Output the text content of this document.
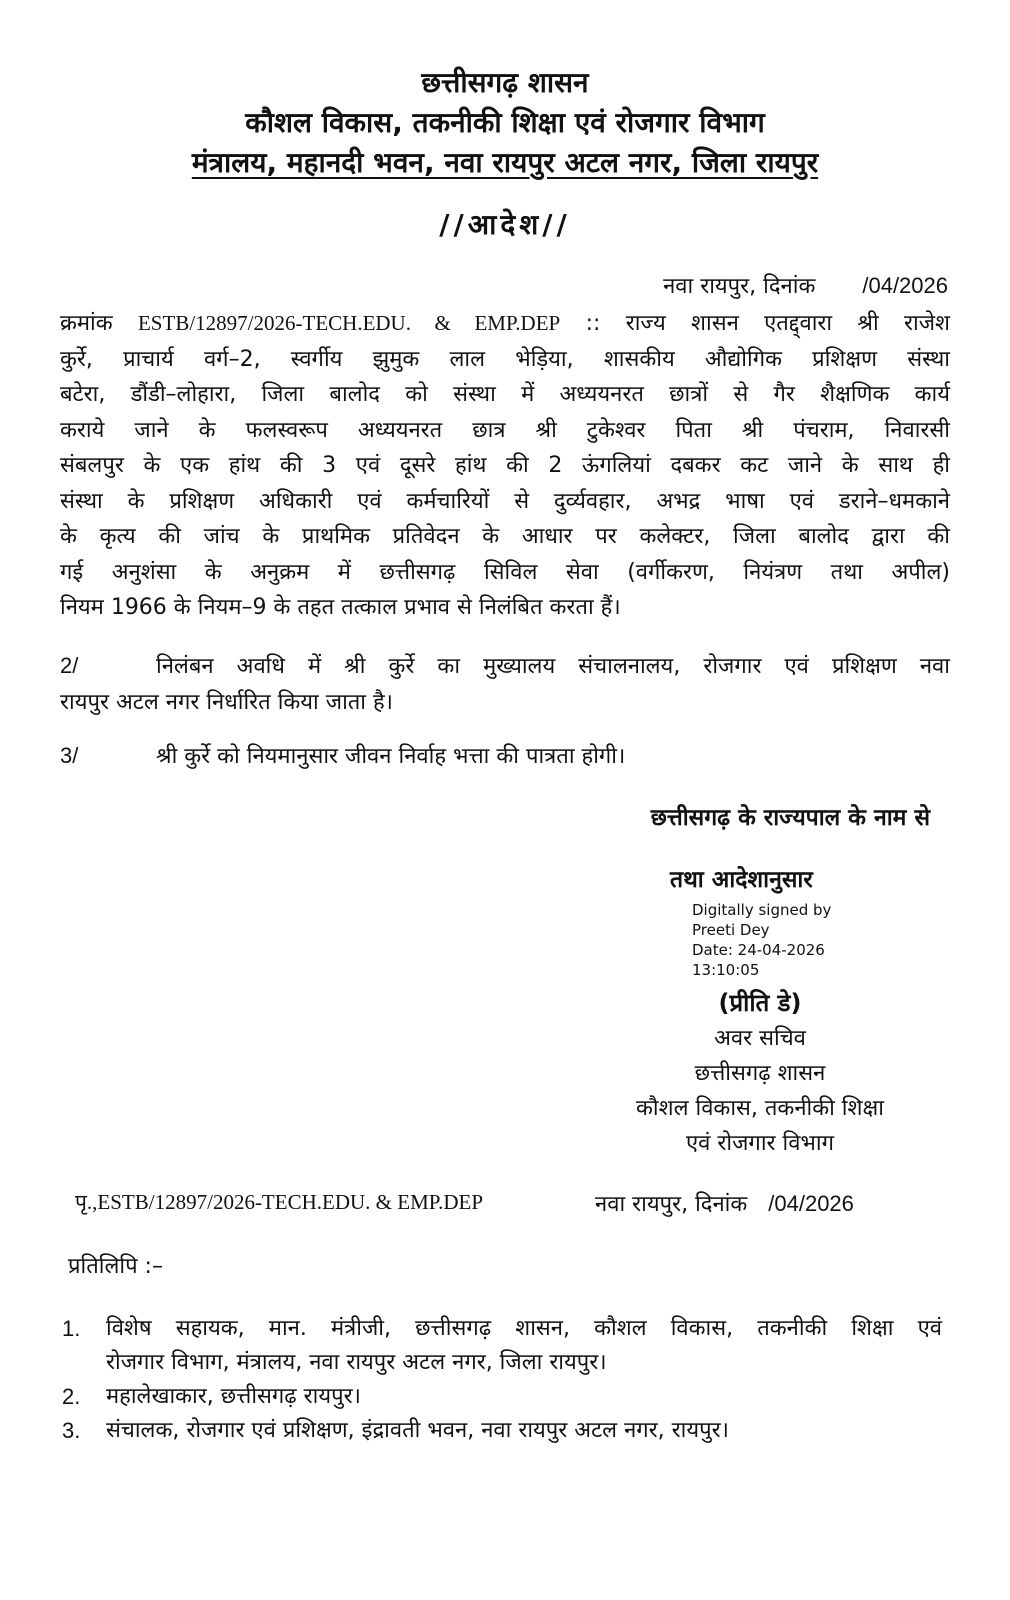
छत्तीसगढ़ शासन
कौशल विकास, तकनीकी शिक्षा एवं रोजगार विभाग
मंत्रालय, महानदी भवन, नवा रायपुर अटल नगर, जिला रायपुर
//आदेश//
नवा रायपुर, दिनांक /04/2026
क्रमांक ESTB/12897/2026-TECH.EDU. & EMP.DEP :: राज्य शासन एतद्द्वारा श्री राजेश
कुर्रे, प्राचार्य वर्ग–2, स्वर्गीय झुमुक लाल भेड़िया, शासकीय औद्योगिक प्रशिक्षण संस्था
बटेरा, डौंडी–लोहारा, जिला बालोद को संस्था में अध्ययनरत छात्रों से गैर शैक्षणिक कार्य
कराये जाने के फलस्वरूप अध्ययनरत छात्र श्री टुकेश्वर पिता श्री पंचराम, निवारसी
संबलपुर के एक हांथ की 3 एवं दूसरे हांथ की 2 ऊंगलियां दबकर कट जाने के साथ ही
संस्था के प्रशिक्षण अधिकारी एवं कर्मचारियों से दुर्व्यवहार, अभद्र भाषा एवं डराने–धमकाने
के कृत्य की जांच के प्राथमिक प्रतिवेदन के आधार पर कलेक्टर, जिला बालोद द्वारा की
गई अनुशंसा के अनुक्रम में छत्तीसगढ़ सिविल सेवा (वर्गीकरण, नियंत्रण तथा अपील)
नियम 1966 के नियम–9 के तहत तत्काल प्रभाव से निलंबित करता हैं।
2/	निलंबन अवधि में श्री कुर्रे का मुख्यालय संचालनालय, रोजगार एवं प्रशिक्षण नवा
रायपुर अटल नगर निर्धारित किया जाता है।
3/	श्री कुर्रे को नियमानुसार जीवन निर्वाह भत्ता की पात्रता होगी।
छत्तीसगढ़ के राज्यपाल के नाम से
तथा आदेशानुसार
Digitally signed by
Preeti Dey
Date: 24-04-2026
13:10:05
(प्रीति डे)
अवर सचिव
छत्तीसगढ़ शासन
कौशल विकास, तकनीकी शिक्षा
एवं रोजगार विभाग
पृ.,ESTB/12897/2026-TECH.EDU. & EMP.DEP	नवा रायपुर, दिनांक /04/2026
प्रतिलिपि :–
1. विशेष सहायक, मान. मंत्रीजी, छत्तीसगढ़ शासन, कौशल विकास, तकनीकी शिक्षा एवं
रोजगार विभाग, मंत्रालय, नवा रायपुर अटल नगर, जिला रायपुर।
2. महालेखाकार, छत्तीसगढ़ रायपुर।
3. संचालक, रोजगार एवं प्रशिक्षण, इंद्रावती भवन, नवा रायपुर अटल नगर, रायपुर।
